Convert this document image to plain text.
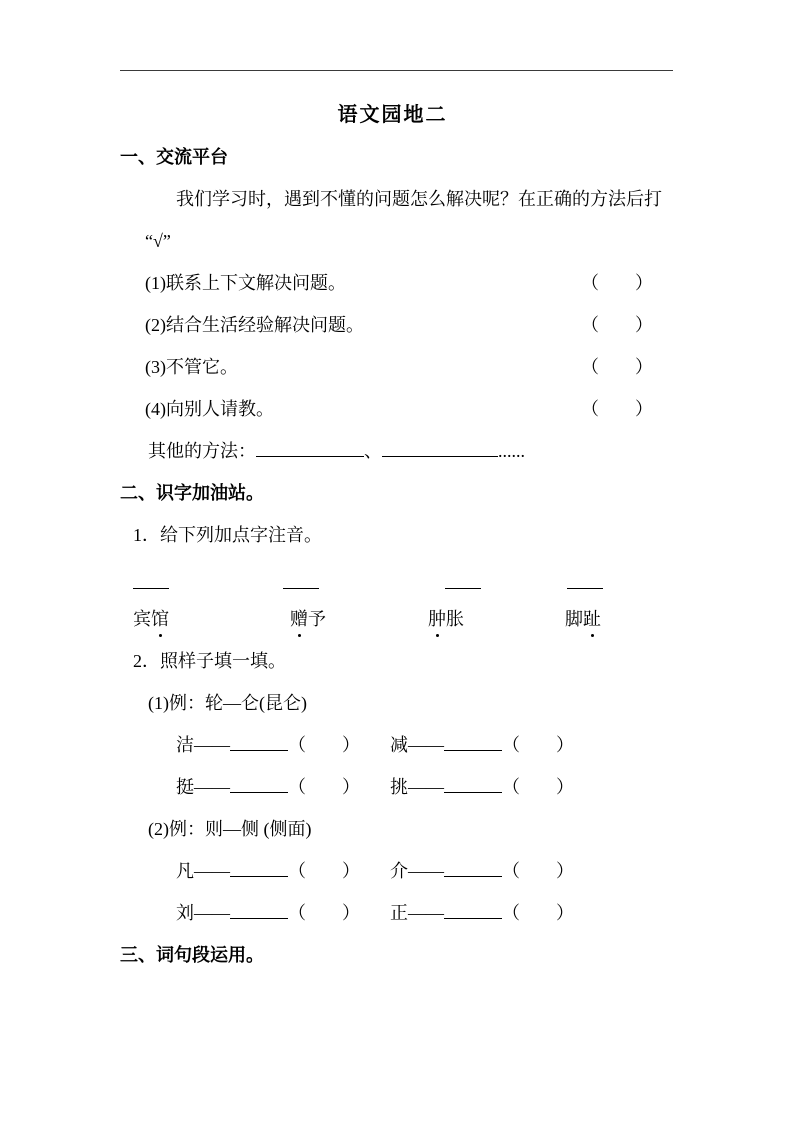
语文园地二
一、交流平台
我们学习时，遇到不懂的问题怎么解决呢？在正确的方法后打
“√”
(1)联系上下文解决问题。	（　　）
(2)结合生活经验解决问题。	（　　）
(3)不管它。	（　　）
(4)向别人请教。	（　　）
其他的方法：	、	......
二、识字加油站。
1．给下列加点字注音。
宾馆	赠予	肿胀	脚趾
2．照样子填一填。
(1)例：轮—仑(昆仑)
洁——	（　　） 减——	（　　）
挺——	（　　） 挑——	（　　）
(2)例：则—侧 (侧面)
凡——	（　　） 介——	（　　）
刘——	（　　） 正——	（　　）
三、词句段运用。
